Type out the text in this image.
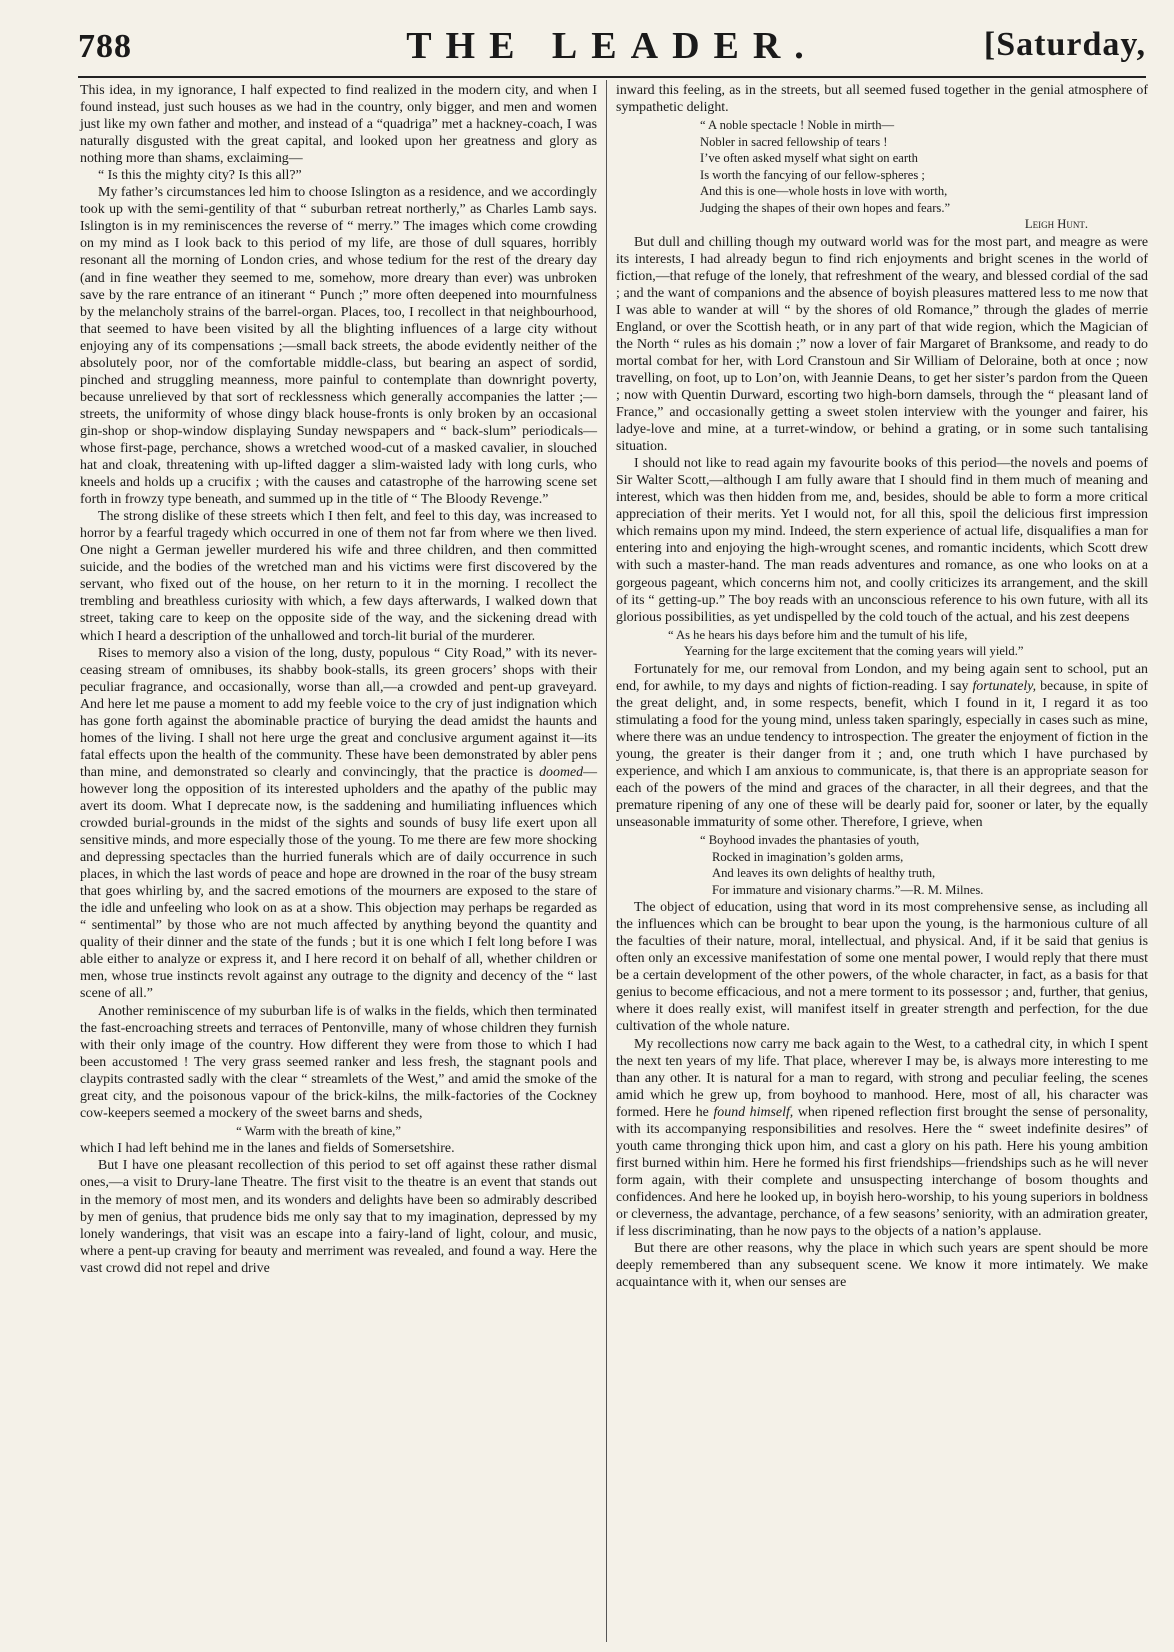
788	THE LEADER.	[Saturday,

This idea, in my ignorance, I half expected to find realized in the modern city, and when I found instead, just such houses as we had in the country, only bigger, and men and women just like my own father and mother, and instead of a “quadriga” met a hackney-coach, I was naturally disgusted with the great capital, and looked upon her greatness and glory as nothing more than shams, exclaiming—

“ Is this the mighty city? Is this all?”

My father’s circumstances led him to choose Islington as a residence, and we accordingly took up with the semi-gentility of that “ suburban retreat northerly,” as Charles Lamb says. Islington is in my reminiscences the reverse of “ merry.” The images which come crowding on my mind as I look back to this period of my life, are those of dull squares, horribly resonant all the morning of London cries, and whose tedium for the rest of the dreary day (and in fine weather they seemed to me, somehow, more dreary than ever) was unbroken save by the rare entrance of an itinerant “ Punch ;” more often deepened into mournfulness by the melancholy strains of the barrel-organ. Places, too, I recollect in that neighbourhood, that seemed to have been visited by all the blighting influences of a large city without enjoying any of its compensations ;—small back streets, the abode evidently neither of the absolutely poor, nor of the comfortable middle-class, but bearing an aspect of sordid, pinched and struggling meanness, more painful to contemplate than downright poverty, because unrelieved by that sort of recklessness which generally accompanies the latter ;— streets, the uniformity of whose dingy black house-fronts is only broken by an occasional gin-shop or shop-window displaying Sunday newspapers and “ back-slum” periodicals—whose first-page, perchance, shows a wretched wood-cut of a masked cavalier, in slouched hat and cloak, threatening with up-lifted dagger a slim-waisted lady with long curls, who kneels and holds up a crucifix ; with the causes and catastrophe of the harrowing scene set forth in frowzy type beneath, and summed up in the title of “ The Bloody Revenge.”

The strong dislike of these streets which I then felt, and feel to this day, was increased to horror by a fearful tragedy which occurred in one of them not far from where we then lived. One night a German jeweller murdered his wife and three children, and then committed suicide, and the bodies of the wretched man and his victims were first discovered by the servant, who fixed out of the house, on her return to it in the morning. I recollect the trembling and breathless curiosity with which, a few days afterwards, I walked down that street, taking care to keep on the opposite side of the way, and the sickening dread with which I heard a description of the unhallowed and torch-lit burial of the murderer.

Rises to memory also a vision of the long, dusty, populous “ City Road,” with its never-ceasing stream of omnibuses, its shabby book-stalls, its green grocers’ shops with their peculiar fragrance, and occasionally, worse than all,—a crowded and pent-up graveyard. And here let me pause a moment to add my feeble voice to the cry of just indignation which has gone forth against the abominable practice of burying the dead amidst the haunts and homes of the living. I shall not here urge the great and conclusive argument against it—its fatal effects upon the health of the community. These have been demonstrated by abler pens than mine, and demonstrated so clearly and convincingly, that the practice is doomed—however long the opposition of its interested upholders and the apathy of the public may avert its doom. What I deprecate now, is the saddening and humiliating influences which crowded burial-grounds in the midst of the sights and sounds of busy life exert upon all sensitive minds, and more especially those of the young. To me there are few more shocking and depressing spectacles than the hurried funerals which are of daily occurrence in such places, in which the last words of peace and hope are drowned in the roar of the busy stream that goes whirling by, and the sacred emotions of the mourners are exposed to the stare of the idle and unfeeling who look on as at a show. This objection may perhaps be regarded as “ sentimental” by those who are not much affected by anything beyond the quantity and quality of their dinner and the state of the funds ; but it is one which I felt long before I was able either to analyze or express it, and I here record it on behalf of all, whether children or men, whose true instincts revolt against any outrage to the dignity and decency of the “ last scene of all.”

Another reminiscence of my suburban life is of walks in the fields, which then terminated the fast-encroaching streets and terraces of Pentonville, many of whose children they furnish with their only image of the country. How different they were from those to which I had been accustomed ! The very grass seemed ranker and less fresh, the stagnant pools and claypits contrasted sadly with the clear “ streamlets of the West,” and amid the smoke of the great city, and the poisonous vapour of the brick-kilns, the milk-factories of the Cockney cow-keepers seemed a mockery of the sweet barns and sheds,

“ Warm with the breath of kine,”

which I had left behind me in the lanes and fields of Somersetshire.

But I have one pleasant recollection of this period to set off against these rather dismal ones,—a visit to Drury-lane Theatre. The first visit to the theatre is an event that stands out in the memory of most men, and its wonders and delights have been so admirably described by men of genius, that prudence bids me only say that to my imagination, depressed by my lonely wanderings, that visit was an escape into a fairy-land of light, colour, and music, where a pent-up craving for beauty and merriment was revealed, and found a way. Here the vast crowd did not repel and drive

inward this feeling, as in the streets, but all seemed fused together in the genial atmosphere of sympathetic delight.

“ A noble spectacle ! Noble in mirth—
Nobler in sacred fellowship of tears !
I’ve often asked myself what sight on earth
Is worth the fancying of our fellow-spheres ;
And this is one—whole hosts in love with worth,
Judging the shapes of their own hopes and fears.”
Leigh Hunt.

But dull and chilling though my outward world was for the most part, and meagre as were its interests, I had already begun to find rich enjoyments and bright scenes in the world of fiction,—that refuge of the lonely, that refreshment of the weary, and blessed cordial of the sad ; and the want of companions and the absence of boyish pleasures mattered less to me now that I was able to wander at will “ by the shores of old Romance,” through the glades of merrie England, or over the Scottish heath, or in any part of that wide region, which the Magician of the North “ rules as his domain ;” now a lover of fair Margaret of Branksome, and ready to do mortal combat for her, with Lord Cranstoun and Sir William of Deloraine, both at once ; now travelling, on foot, up to Lon’on, with Jeannie Deans, to get her sister’s pardon from the Queen ; now with Quentin Durward, escorting two high-born damsels, through the “ pleasant land of France,” and occasionally getting a sweet stolen interview with the younger and fairer, his ladye-love and mine, at a turret-window, or behind a grating, or in some such tantalising situation.

I should not like to read again my favourite books of this period—the novels and poems of Sir Walter Scott,—although I am fully aware that I should find in them much of meaning and interest, which was then hidden from me, and, besides, should be able to form a more critical appreciation of their merits. Yet I would not, for all this, spoil the delicious first impression which remains upon my mind. Indeed, the stern experience of actual life, disqualifies a man for entering into and enjoying the high-wrought scenes, and romantic incidents, which Scott drew with such a master-hand. The man reads adventures and romance, as one who looks on at a gorgeous pageant, which concerns him not, and coolly criticizes its arrangement, and the skill of its “ getting-up.” The boy reads with an unconscious reference to his own future, with all its glorious possibilities, as yet undispelled by the cold touch of the actual, and his zest deepens

“ As he hears his days before him and the tumult of his life,
Yearning for the large excitement that the coming years will yield.”

Fortunately for me, our removal from London, and my being again sent to school, put an end, for awhile, to my days and nights of fiction-reading. I say fortunately, because, in spite of the great delight, and, in some respects, benefit, which I found in it, I regard it as too stimulating a food for the young mind, unless taken sparingly, especially in cases such as mine, where there was an undue tendency to introspection. The greater the enjoyment of fiction in the young, the greater is their danger from it ; and, one truth which I have purchased by experience, and which I am anxious to communicate, is, that there is an appropriate season for each of the powers of the mind and graces of the character, in all their degrees, and that the premature ripening of any one of these will be dearly paid for, sooner or later, by the equally unseasonable immaturity of some other. Therefore, I grieve, when

“ Boyhood invades the phantasies of youth,
Rocked in imagination’s golden arms,
And leaves its own delights of healthy truth,
For immature and visionary charms.”—R. M. Milnes.

The object of education, using that word in its most comprehensive sense, as including all the influences which can be brought to bear upon the young, is the harmonious culture of all the faculties of their nature, moral, intellectual, and physical. And, if it be said that genius is often only an excessive manifestation of some one mental power, I would reply that there must be a certain development of the other powers, of the whole character, in fact, as a basis for that genius to become efficacious, and not a mere torment to its possessor ; and, further, that genius, where it does really exist, will manifest itself in greater strength and perfection, for the due cultivation of the whole nature.

My recollections now carry me back again to the West, to a cathedral city, in which I spent the next ten years of my life. That place, wherever I may be, is always more interesting to me than any other. It is natural for a man to regard, with strong and peculiar feeling, the scenes amid which he grew up, from boyhood to manhood. Here, most of all, his character was formed. Here he found himself, when ripened reflection first brought the sense of personality, with its accompanying responsibilities and resolves. Here the “ sweet indefinite desires” of youth came thronging thick upon him, and cast a glory on his path. Here his young ambition first burned within him. Here he formed his first friendships—friendships such as he will never form again, with their complete and unsuspecting interchange of bosom thoughts and confidences. And here he looked up, in boyish hero-worship, to his young superiors in boldness or cleverness, the advantage, perchance, of a few seasons’ seniority, with an admiration greater, if less discriminating, than he now pays to the objects of a nation’s applause.

But there are other reasons, why the place in which such years are spent should be more deeply remembered than any subsequent scene. We know it more intimately. We make acquaintance with it, when our senses are
